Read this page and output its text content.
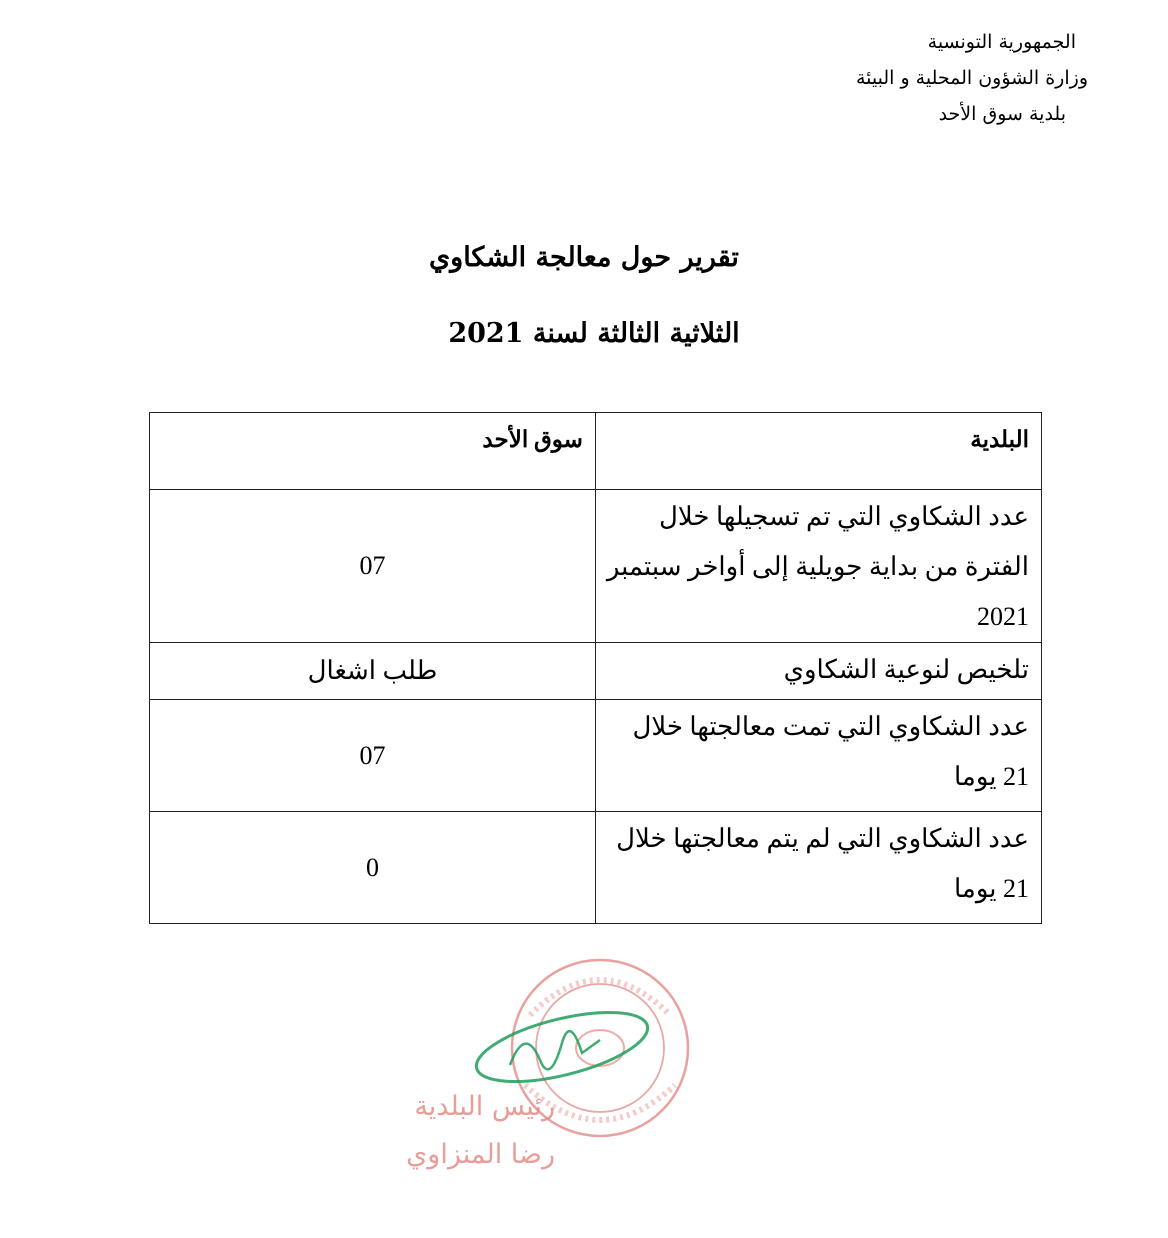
الجمهورية التونسية
وزارة الشؤون المحلية و البيئة
بلدية سوق الأحد
تقرير حول معالجة الشكاوي
الثلاثية الثالثة لسنة 2021
البلدية	سوق الأحد

عدد الشكاوي التي تم تسجيلها خلال الفترة من بداية جويلية إلى أواخر سبتمبر 2021	07

تلخيص لنوعية الشكاوي	طلب اشغال

عدد الشكاوي التي تمت معالجتها خلال 21 يوما	07

عدد الشكاوي التي لم يتم معالجتها خلال 21 يوما	0
رئيس البلدية
رضا المنزاوي
